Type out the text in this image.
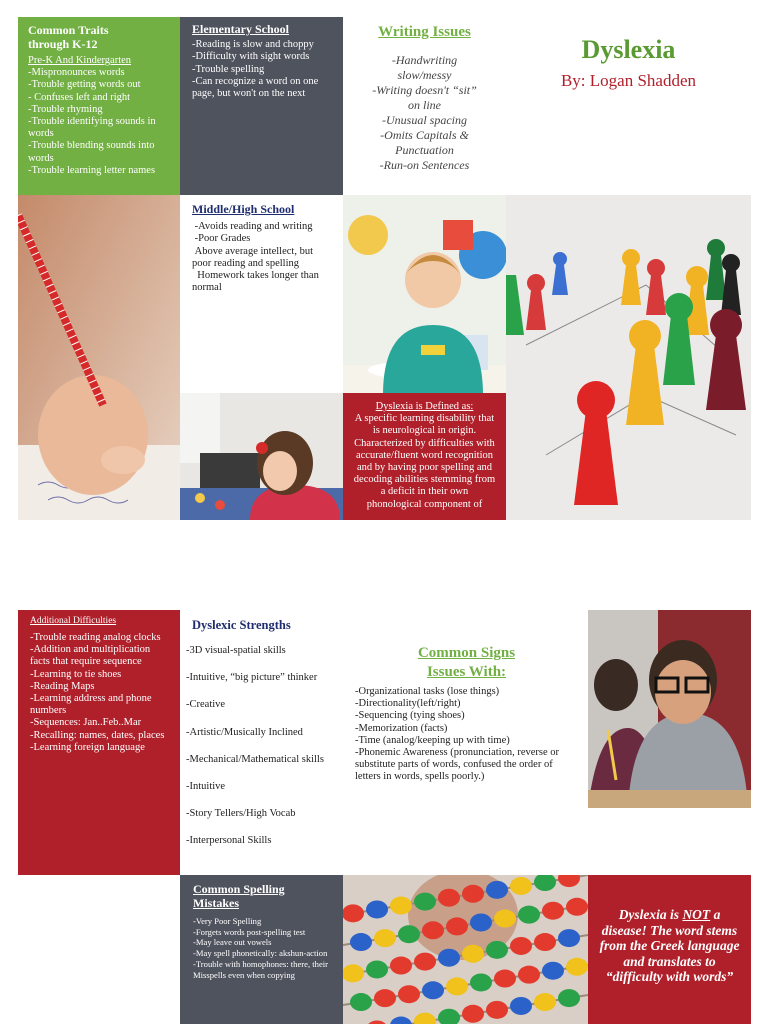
Common Traits through K-12
Pre-K And Kindergarten
-Mispronounces words
-Trouble getting words out
- Confuses left and right
-Trouble rhyming
-Trouble identifying sounds in words
-Trouble blending sounds into words
-Trouble learning letter names
Elementary School
-Reading is slow and choppy
-Difficulty with sight words
-Trouble spelling
-Can recognize a word on one page, but won't on the next
Writing Issues
-Handwriting slow/messy
-Writing doesn't “sit” on line
-Unusual spacing
-Omits Capitals & Punctuation
-Run-on Sentences
Dyslexia
By: Logan Shadden
Middle/High School
-Avoids reading and writing
-Poor Grades
Above average intellect, but poor reading and spelling
Homework takes longer than normal
Dyslexia is Defined as:
A specific learning disability that is neurological in origin. Characterized by difficulties with accurate/fluent word recognition and by having poor spelling and decoding abilities stemming from a deficit in their own phonological component of
Additional Difficulties
-Trouble reading analog clocks
-Addition and multiplication facts that require sequence
-Learning to tie shoes
-Reading Maps
-Learning address and phone numbers
-Sequences: Jan..Feb..Mar
-Recalling: names, dates, places
-Learning foreign language
Dyslexic Strengths
-3D visual-spatial skills
-Intuitive, “big picture” thinker
-Creative
-Artistic/Musically Inclined
-Mechanical/Mathematical skills
-Intuitive
-Story Tellers/High Vocab
-Interpersonal Skills
Common Signs Issues With:
-Organizational tasks (lose things)
-Directionality(left/right)
-Sequencing (tying shoes)
-Memorization (facts)
-Time (analog/keeping up with time)
-Phonemic Awareness (pronunciation, reverse or substitute parts of words, confused the order of letters in words, spells poorly.)
Common Spelling Mistakes
-Very Poor Spelling
-Forgets words post-spelling test
-May leave out vowels
-May spell phonetically: akshun-action
-Trouble with homophones: there, their
Misspells even when copying
Dyslexia is NOT a disease! The word stems from the Greek language and translates to “difficulty with words”
